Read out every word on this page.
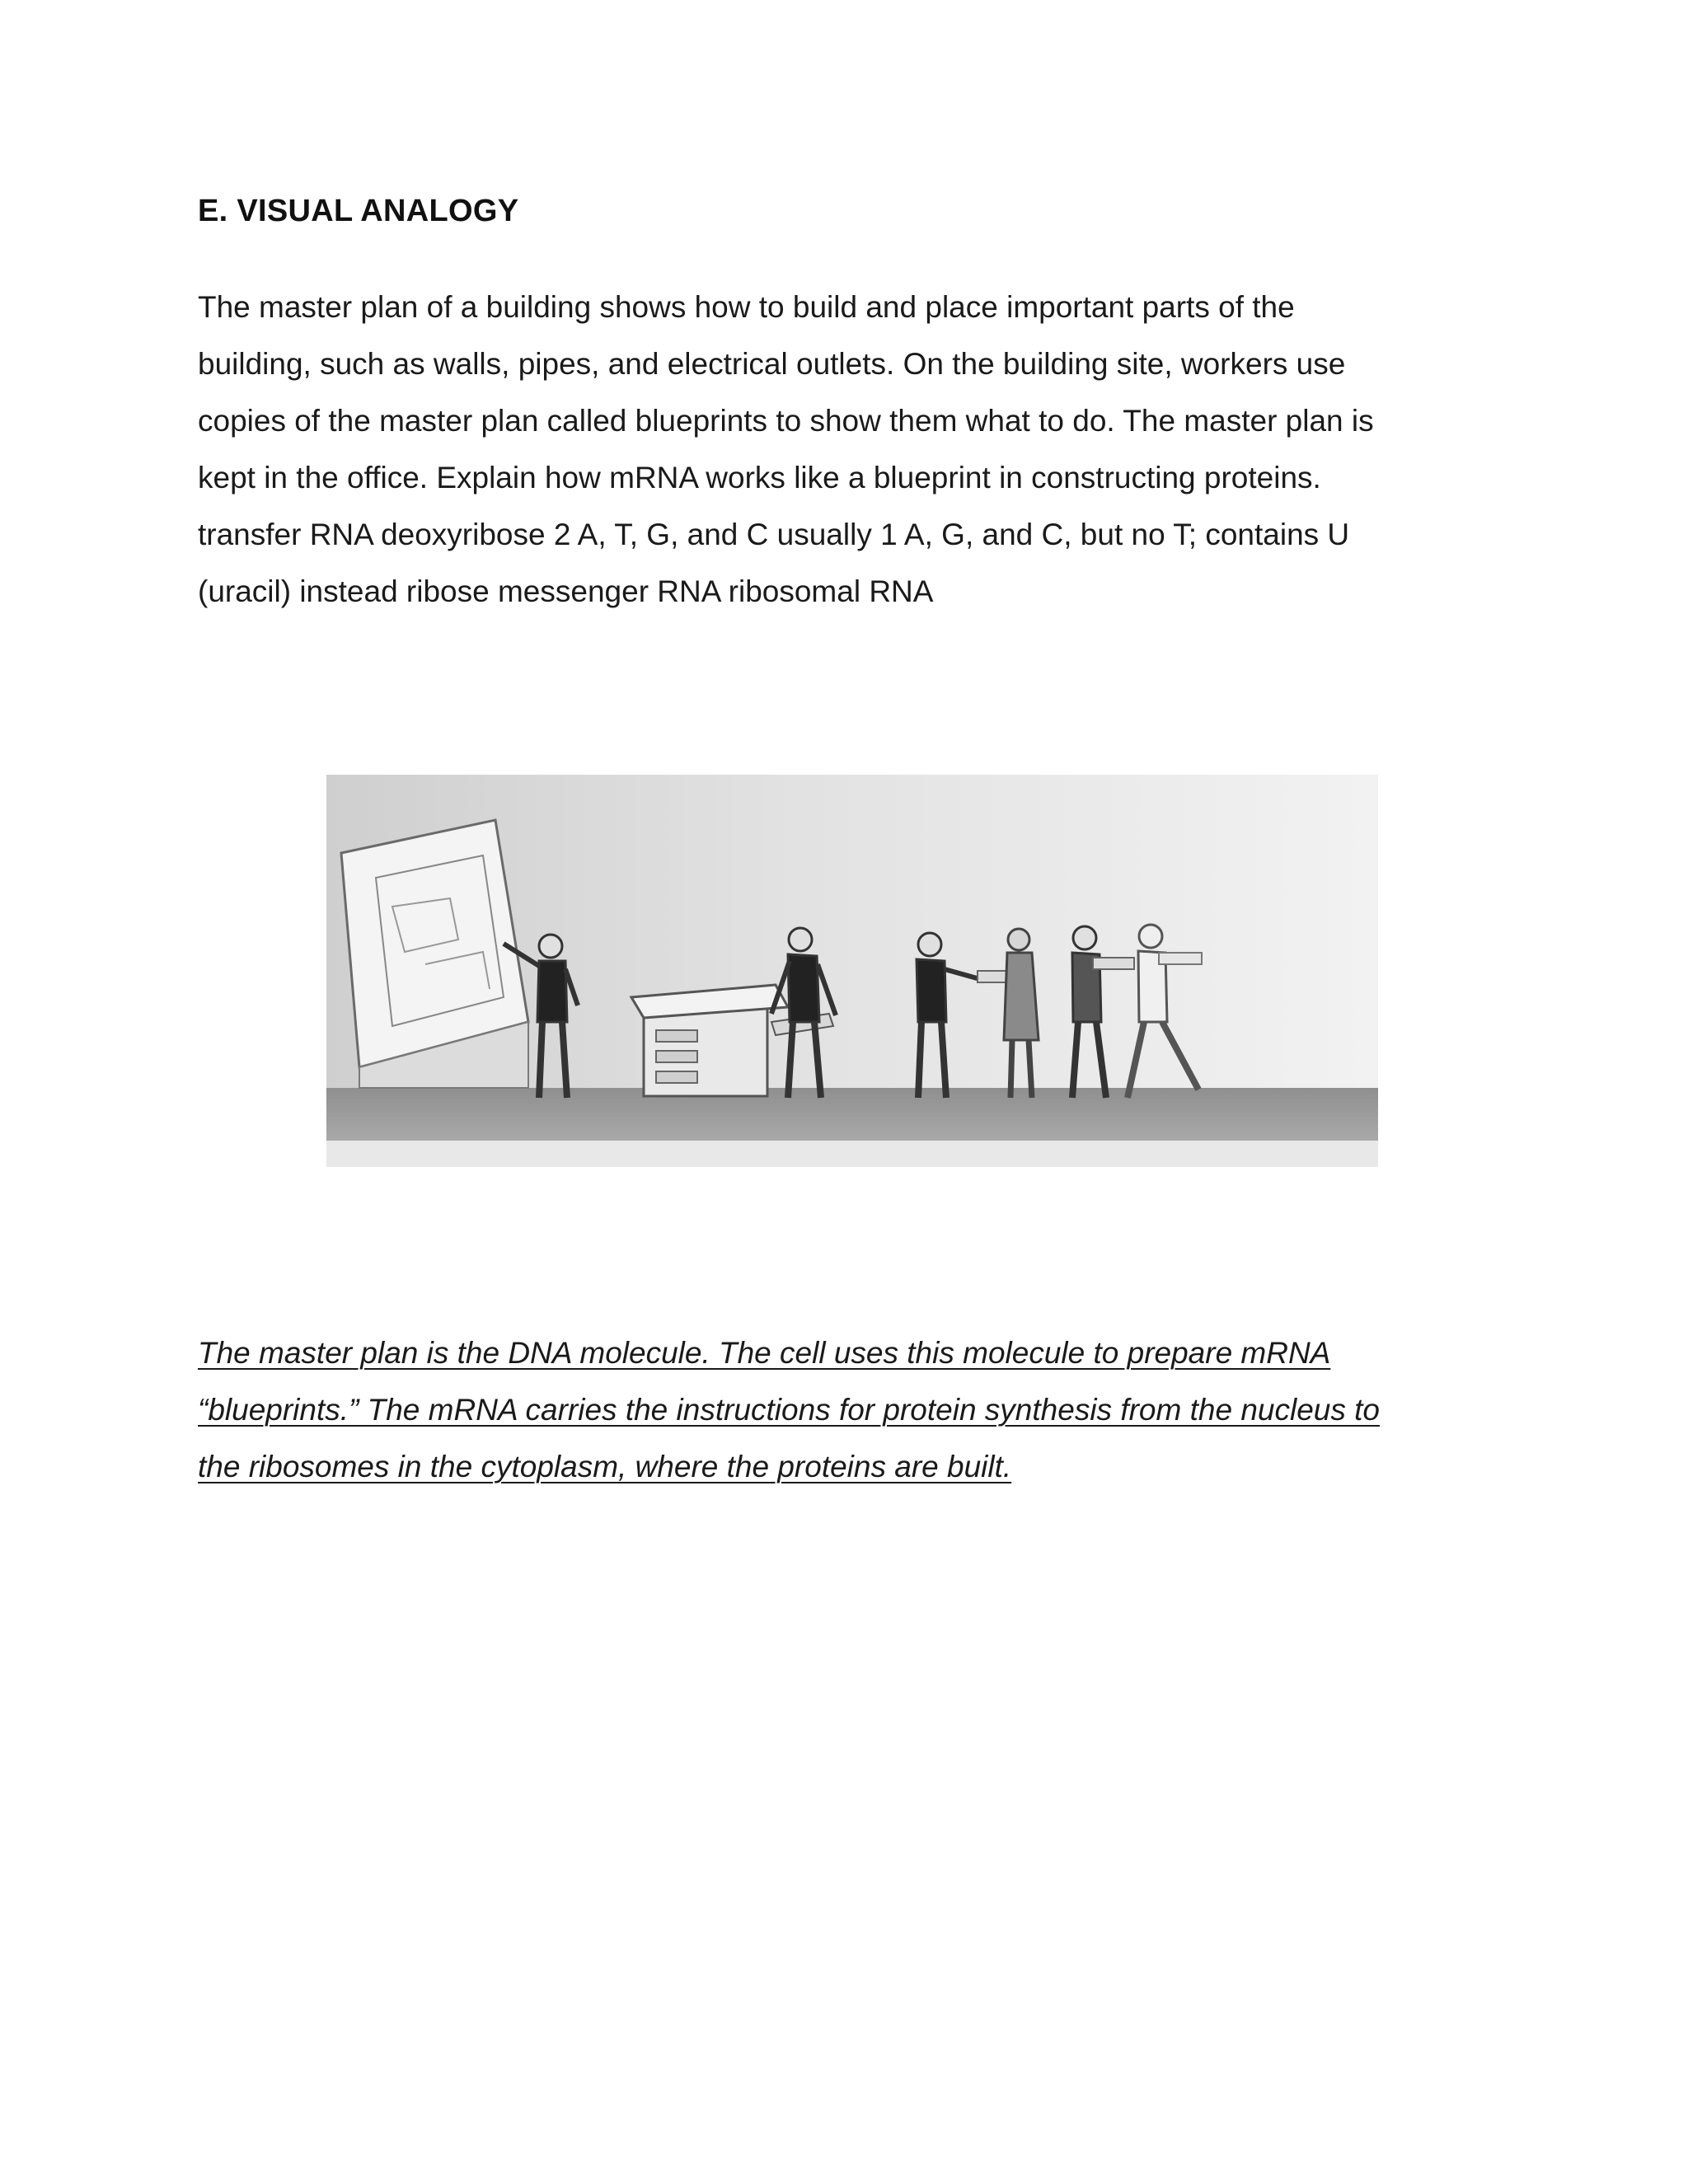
E. VISUAL ANALOGY
The master plan of a building shows how to build and place important parts of the
building, such as walls, pipes, and electrical outlets. On the building site, workers use
copies of the master plan called blueprints to show them what to do. The master plan is
kept in the office. Explain how mRNA works like a blueprint in constructing proteins.
transfer RNA deoxyribose 2 A, T, G, and C usually 1 A, G, and C, but no T; contains U
(uracil) instead ribose messenger RNA ribosomal RNA
The master plan is the DNA molecule. The cell uses this molecule to prepare mRNA
“blueprints.” The mRNA carries the instructions for protein synthesis from the nucleus to
the ribosomes in the cytoplasm, where the proteins are built.
